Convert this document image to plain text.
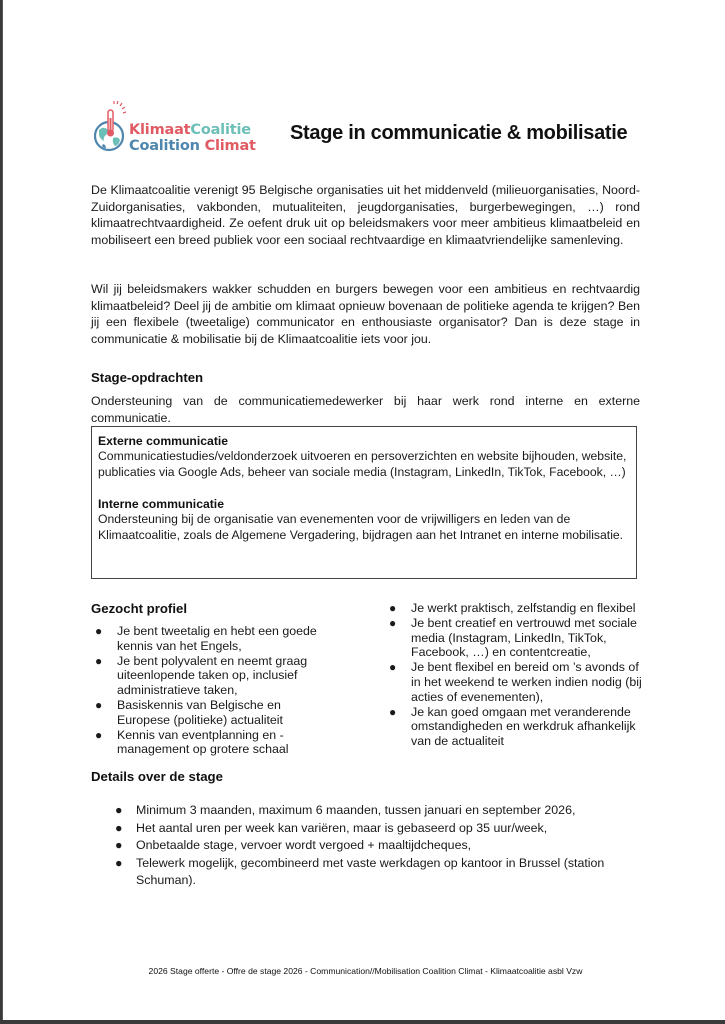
KlimaatCoalitie
Coalition Climat
Stage in communicatie & mobilisatie
De Klimaatcoalitie verenigt 95 Belgische organisaties uit het middenveld (milieuorganisaties, Noord-Zuidorganisaties, vakbonden, mutualiteiten, jeugdorganisaties, burgerbewegingen, …) rond klimaatrechtvaardigheid. Ze oefent druk uit op beleidsmakers voor meer ambitieus klimaatbeleid en mobiliseert een breed publiek voor een sociaal rechtvaardige en klimaatvriendelijke samenleving.
Wil jij beleidsmakers wakker schudden en burgers bewegen voor een ambitieus en rechtvaardig klimaatbeleid? Deel jij de ambitie om klimaat opnieuw bovenaan de politieke agenda te krijgen? Ben jij een flexibele (tweetalige) communicator en enthousiaste organisator? Dan is deze stage in communicatie & mobilisatie bij de Klimaatcoalitie iets voor jou.
Stage-opdrachten
Ondersteuning van de communicatiemedewerker bij haar werk rond interne en externe communicatie.
Externe communicatie
Communicatiestudies/veldonderzoek uitvoeren en persoverzichten en website bijhouden, website, publicaties via Google Ads, beheer van sociale media (Instagram, LinkedIn, TikTok, Facebook, …)
Interne communicatie
Ondersteuning bij de organisatie van evenementen voor de vrijwilligers en leden van de Klimaatcoalitie, zoals de Algemene Vergadering, bijdragen aan het Intranet en interne mobilisatie.
Gezocht profiel
● Je bent tweetalig en hebt een goede kennis van het Engels,
● Je bent polyvalent en neemt graag uiteenlopende taken op, inclusief administratieve taken,
● Basiskennis van Belgische en Europese (politieke) actualiteit
● Kennis van eventplanning en -management op grotere schaal
● Je werkt praktisch, zelfstandig en flexibel
● Je bent creatief en vertrouwd met sociale media (Instagram, LinkedIn, TikTok, Facebook, …) en contentcreatie,
● Je bent flexibel en bereid om ’s avonds of in het weekend te werken indien nodig (bij acties of evenementen),
● Je kan goed omgaan met veranderende omstandigheden en werkdruk afhankelijk van de actualiteit
Details over de stage
● Minimum 3 maanden, maximum 6 maanden, tussen januari en september 2026,
● Het aantal uren per week kan variëren, maar is gebaseerd op 35 uur/week,
● Onbetaalde stage, vervoer wordt vergoed + maaltijdcheques,
● Telewerk mogelijk, gecombineerd met vaste werkdagen op kantoor in Brussel (station Schuman).
2026 Stage offerte - Offre de stage 2026 - Communication//Mobilisation Coalition Climat - Klimaatcoalitie asbl Vzw
